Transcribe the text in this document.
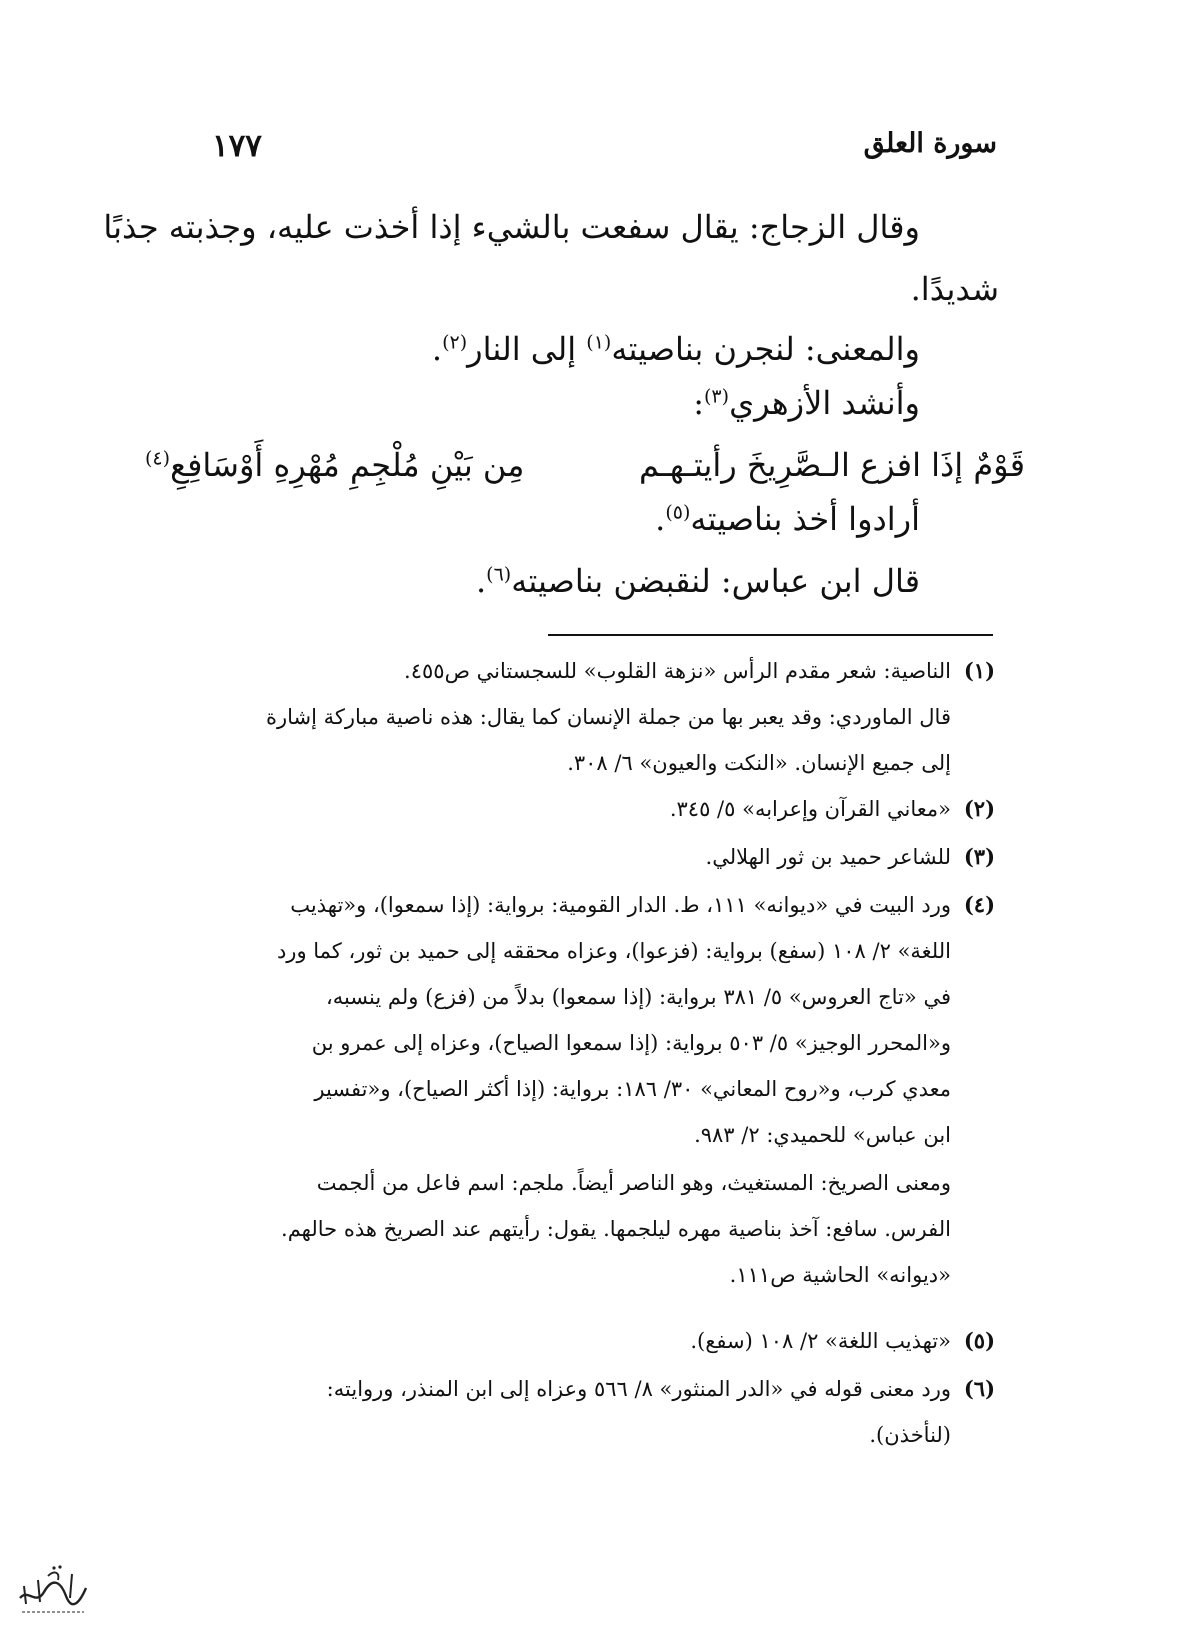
سورة العلق
١٧٧
وقال الزجاج: يقال سفعت بالشيء إذا أخذت عليه، وجذبته جذبًا
شديدًا.
والمعنى: لنجرن بناصيته$^{(١)}$ إلى النار$^{(٢)}$.
وأنشد الأزهري$^{(٣)}$:
قَوْمٌ إذَا افزع الـصَّرِيخَ رأيتـهـم
مِن بَيْنِ مُلْجِمِ مُهْرِهِ أَوْسَافِعِ$^{(٤)}$
أرادوا أخذ بناصيته$^{(٥)}$.
قال ابن عباس: لنقبضن بناصيته$^{(٦)}$.
(١)
الناصية: شعر مقدم الرأس «نزهة القلوب» للسجستاني ص٤٥٥.
قال الماوردي: وقد يعبر بها من جملة الإنسان كما يقال: هذه ناصية مباركة إشارة
إلى جميع الإنسان. «النكت والعيون» ٦/ ٣٠٨.
(٢)
«معاني القرآن وإعرابه» ٥/ ٣٤٥.
(٣)
للشاعر حميد بن ثور الهلالي.
(٤)
ورد البيت في «ديوانه» ١١١، ط. الدار القومية: برواية: (إذا سمعوا)، و«تهذيب
اللغة» ٢/ ١٠٨ (سفع) برواية: (فزعوا)، وعزاه محققه إلى حميد بن ثور، كما ورد
في «تاج العروس» ٥/ ٣٨١ برواية: (إذا سمعوا) بدلاً من (فزع) ولم ينسبه،
و«المحرر الوجيز» ٥/ ٥٠٣ برواية: (إذا سمعوا الصياح)، وعزاه إلى عمرو بن
معدي كرب، و«روح المعاني» ٣٠/ ١٨٦: برواية: (إذا أكثر الصياح)، و«تفسير
ابن عباس» للحميدي: ٢/ ٩٨٣.
ومعنى الصريخ: المستغيث، وهو الناصر أيضاً. ملجم: اسم فاعل من ألجمت
الفرس. سافع: آخذ بناصية مهره ليلجمها. يقول: رأيتهم عند الصريخ هذه حالهم.
«ديوانه» الحاشية ص١١١.
(٥)
«تهذيب اللغة» ٢/ ١٠٨ (سفع).
(٦)
ورد معنى قوله في «الدر المنثور» ٨/ ٥٦٦ وعزاه إلى ابن المنذر، وروايته:
(لنأخذن).
